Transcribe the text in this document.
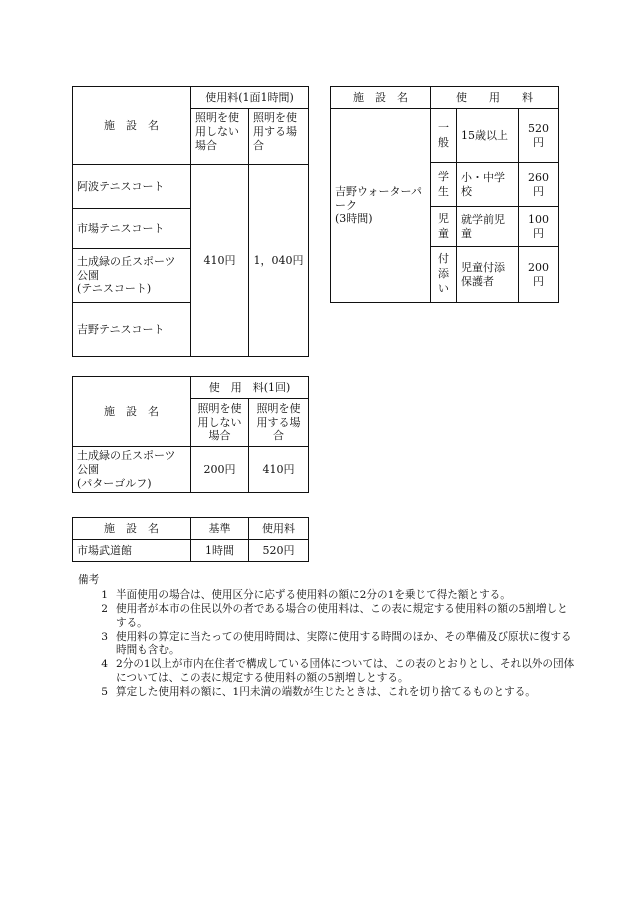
施　設　名	使用料(1面1時間)	
	照明を使用しない場合	照明を使用する場合
阿波テニスコート	410円	1，040円
市場テニスコート		
土成緑の丘スポーツ公園
(テニスコート)		
吉野テニスコート		
施　設　名	使　　用　　料		
吉野ウォーターパーク
(3時間)	一般	15歳以上	520円
	学生	小・中学校	260円
	児童	就学前児童	100円
	付添い	児童付添保護者	200円
施　設　名	使　用　料(1回)	
	照明を使用しない場合	照明を使用する場合
土成緑の丘スポーツ公園
(パターゴルフ)	200円	410円
施　設　名	基準	使用料
市場武道館	1時間	520円
備考
1 半面使用の場合は、使用区分に応ずる使用料の額に2分の1を乗じて得た額とする。
2 使用者が本市の住民以外の者である場合の使用料は、この表に規定する使用料の額の5割増しとする。
3 使用料の算定に当たっての使用時間は、実際に使用する時間のほか、その準備及び原状に復する時間も含む。
4 2分の1以上が市内在住者で構成している団体については、この表のとおりとし、それ以外の団体については、この表に規定する使用料の額の5割増しとする。
5 算定した使用料の額に、1円未満の端数が生じたときは、これを切り捨てるものとする。
